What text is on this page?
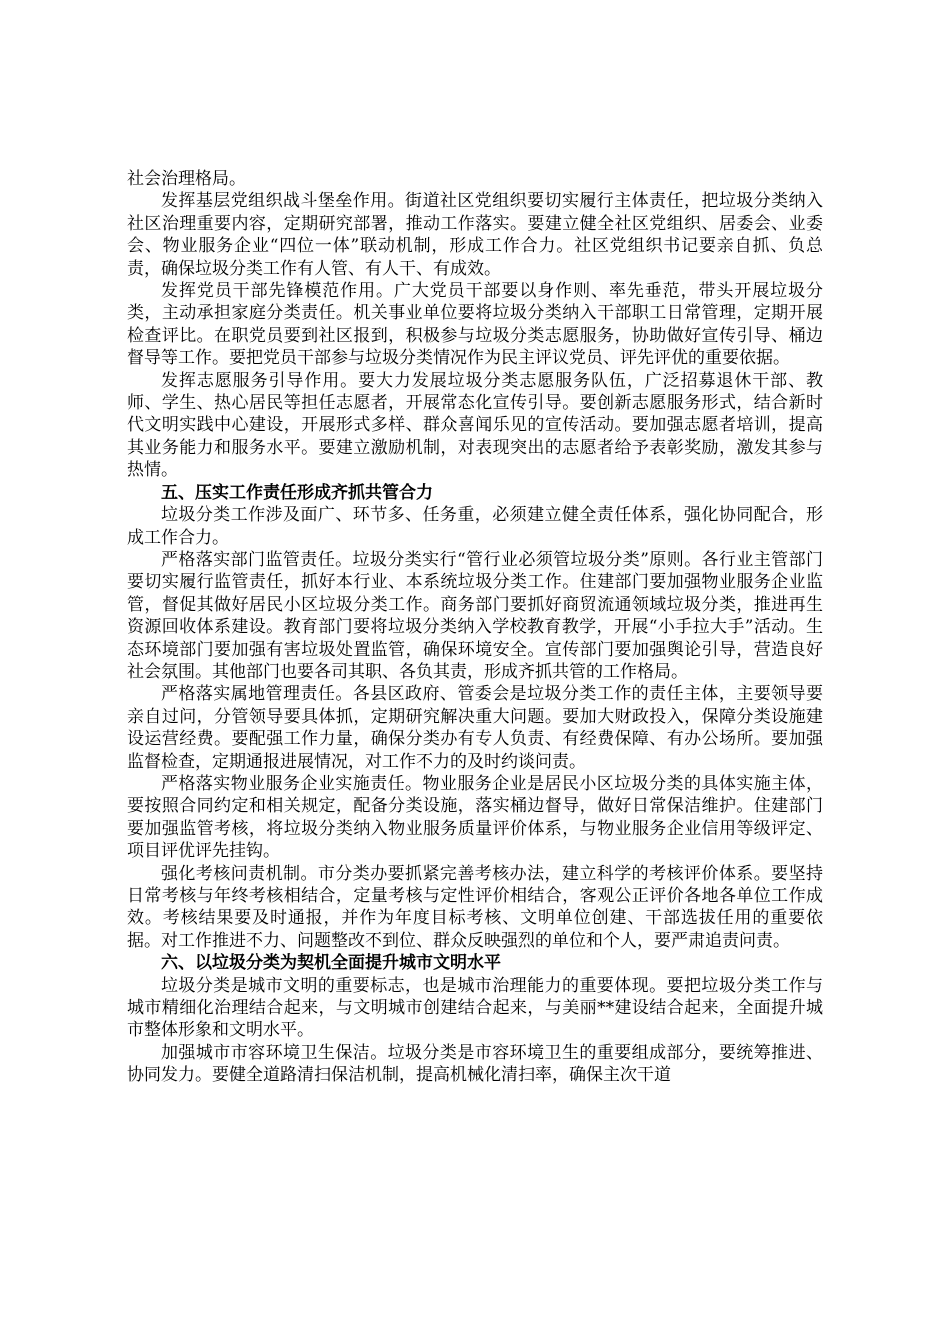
社会治理格局。

发挥基层党组织战斗堡垒作用。街道社区党组织要切实履行主体责任，把垃圾分类纳入社区治理重要内容，定期研究部署，推动工作落实。要建立健全社区党组织、居委会、业委会、物业服务企业“四位一体”联动机制，形成工作合力。社区党组织书记要亲自抓、负总责，确保垃圾分类工作有人管、有人干、有成效。

发挥党员干部先锋模范作用。广大党员干部要以身作则、率先垂范，带头开展垃圾分类，主动承担家庭分类责任。机关事业单位要将垃圾分类纳入干部职工日常管理，定期开展检查评比。在职党员要到社区报到，积极参与垃圾分类志愿服务，协助做好宣传引导、桶边督导等工作。要把党员干部参与垃圾分类情况作为民主评议党员、评先评优的重要依据。

发挥志愿服务引导作用。要大力发展垃圾分类志愿服务队伍，广泛招募退休干部、教师、学生、热心居民等担任志愿者，开展常态化宣传引导。要创新志愿服务形式，结合新时代文明实践中心建设，开展形式多样、群众喜闻乐见的宣传活动。要加强志愿者培训，提高其业务能力和服务水平。要建立激励机制，对表现突出的志愿者给予表彰奖励，激发其参与热情。

五、压实工作责任形成齐抓共管合力

垃圾分类工作涉及面广、环节多、任务重，必须建立健全责任体系，强化协同配合，形成工作合力。

严格落实部门监管责任。垃圾分类实行“管行业必须管垃圾分类”原则。各行业主管部门要切实履行监管责任，抓好本行业、本系统垃圾分类工作。住建部门要加强物业服务企业监管，督促其做好居民小区垃圾分类工作。商务部门要抓好商贸流通领域垃圾分类，推进再生资源回收体系建设。教育部门要将垃圾分类纳入学校教育教学，开展“小手拉大手”活动。生态环境部门要加强有害垃圾处置监管，确保环境安全。宣传部门要加强舆论引导，营造良好社会氛围。其他部门也要各司其职、各负其责，形成齐抓共管的工作格局。

严格落实属地管理责任。各县区政府、管委会是垃圾分类工作的责任主体，主要领导要亲自过问，分管领导要具体抓，定期研究解决重大问题。要加大财政投入，保障分类设施建设运营经费。要配强工作力量，确保分类办有专人负责、有经费保障、有办公场所。要加强监督检查，定期通报进展情况，对工作不力的及时约谈问责。

严格落实物业服务企业实施责任。物业服务企业是居民小区垃圾分类的具体实施主体，要按照合同约定和相关规定，配备分类设施，落实桶边督导，做好日常保洁维护。住建部门要加强监管考核，将垃圾分类纳入物业服务质量评价体系，与物业服务企业信用等级评定、项目评优评先挂钩。

强化考核问责机制。市分类办要抓紧完善考核办法，建立科学的考核评价体系。要坚持日常考核与年终考核相结合，定量考核与定性评价相结合，客观公正评价各地各单位工作成效。考核结果要及时通报，并作为年度目标考核、文明单位创建、干部选拔任用的重要依据。对工作推进不力、问题整改不到位、群众反映强烈的单位和个人，要严肃追责问责。

六、以垃圾分类为契机全面提升城市文明水平

垃圾分类是城市文明的重要标志，也是城市治理能力的重要体现。要把垃圾分类工作与城市精细化治理结合起来，与文明城市创建结合起来，与美丽**建设结合起来，全面提升城市整体形象和文明水平。

加强城市市容环境卫生保洁。垃圾分类是市容环境卫生的重要组成部分，要统筹推进、协同发力。要健全道路清扫保洁机制，提高机械化清扫率，确保主次干道
